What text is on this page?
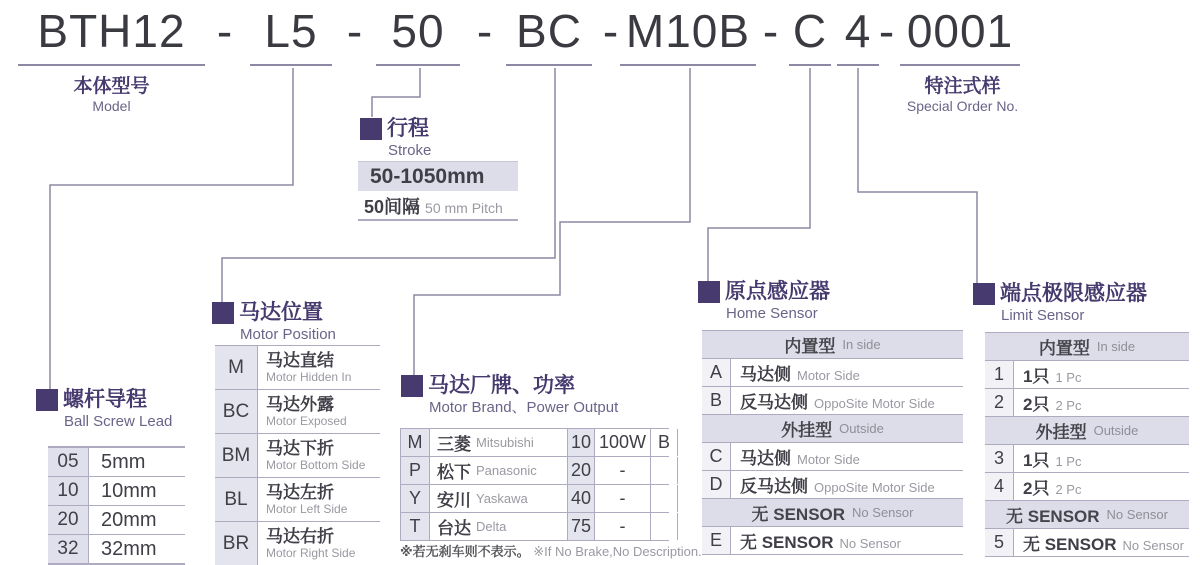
BTH12 - L5 - 50 - BC - M10B - C 4 - 0001
本体型号
Model
特注式样
Special Order No.
行程
Stroke
50-1050mm
50间隔 50 mm Pitch
螺杆导程
Ball Screw Lead
05	5mm
10	10mm
20	20mm
32	32mm
马达位置
Motor Position
M	马达直结
Motor Hidden In
BC 马达外露
Motor Exposed
BM 马达下折
Motor Bottom Side
BL	马达左折
Motor Left Side
BR 马达右折
Motor Right Side
马达厂牌、功率
Motor Brand、Power Output
M 三菱 Mitsubishi 10 100W B
P 松下 Panasonic 20	-
Y 安川 Yaskawa 40	-
T 台达 Delta	75	-
※若无刹车则不表示。 ※If No Brake,No Description.
原点感应器
Home Sensor
内置型 In side
A	马达侧 Motor Side
B	反马达侧 OppoSite Motor Side
外挂型 Outside
C	马达侧 Motor Side
D	反马达侧 OppoSite Motor Side
无 SENSOR No Sensor
E	无 SENSOR No Sensor
端点极限感应器
Limit Sensor
内置型 In side
1	1只 1 Pc
2	2只 2 Pc
外挂型 Outside
3	1只 1 Pc
4	2只 2 Pc
无 SENSOR No Sensor
5	无 SENSOR No Sensor
